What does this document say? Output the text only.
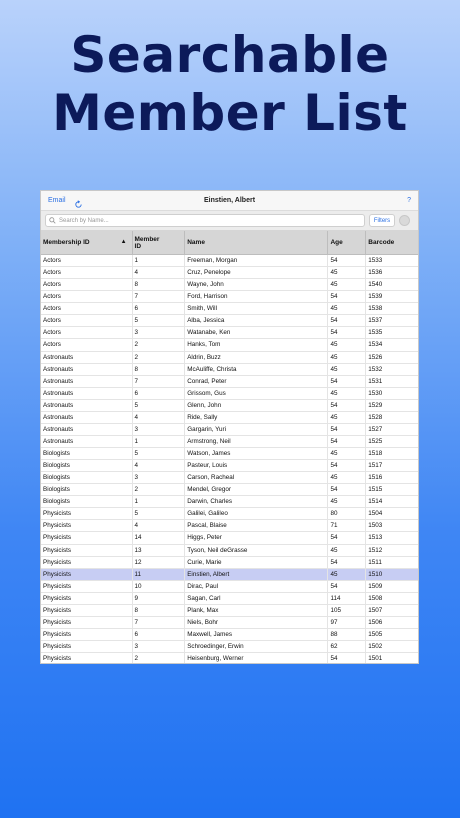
Searchable
Member List
Email	Einstien, Albert	?
Search by Name...	Filters
Membership ID	▲ Member ID	Name	Age	Barcode
Actors	1	Freeman, Morgan	54	1533
Actors	4	Cruz, Penelope	45	1536
Actors	8	Wayne, John	45	1540
Actors	7	Ford, Harrison	54	1539
Actors	6	Smith, Will	45	1538
Actors	5	Alba, Jessica	54	1537
Actors	3	Watanabe, Ken	54	1535
Actors	2	Hanks, Tom	45	1534
Astronauts	2	Aldrin, Buzz	45	1526
Astronauts	8	McAuliffe, Christa	45	1532
Astronauts	7	Conrad, Peter	54	1531
Astronauts	6	Grissom, Gus	45	1530
Astronauts	5	Glenn, John	54	1529
Astronauts	4	Ride, Sally	45	1528
Astronauts	3	Gargarin, Yuri	54	1527
Astronauts	1	Armstrong, Neil	54	1525
Biologists	5	Watson, James	45	1518
Biologists	4	Pasteur, Louis	54	1517
Biologists	3	Carson, Racheal	45	1516
Biologists	2	Mendel, Gregor	54	1515
Biologists	1	Darwin, Charles	45	1514
Physicists	5	Galilei, Galileo	80	1504
Physicists	4	Pascal, Blaise	71	1503
Physicists	14	Higgs, Peter	54	1513
Physicists	13	Tyson, Neil deGrasse	45	1512
Physicists	12	Curie, Marie	54	1511
Physicists	11	Einstien, Albert	45	1510
Physicists	10	Dirac, Paul	54	1509
Physicists	9	Sagan, Carl	114	1508
Physicists	8	Plank, Max	105	1507
Physicists	7	Niels, Bohr	97	1506
Physicists	6	Maxwell, James	88	1505
Physicists	3	Schroedinger, Erwin	62	1502
Physicists	2	Heisenburg, Werner	54	1501
